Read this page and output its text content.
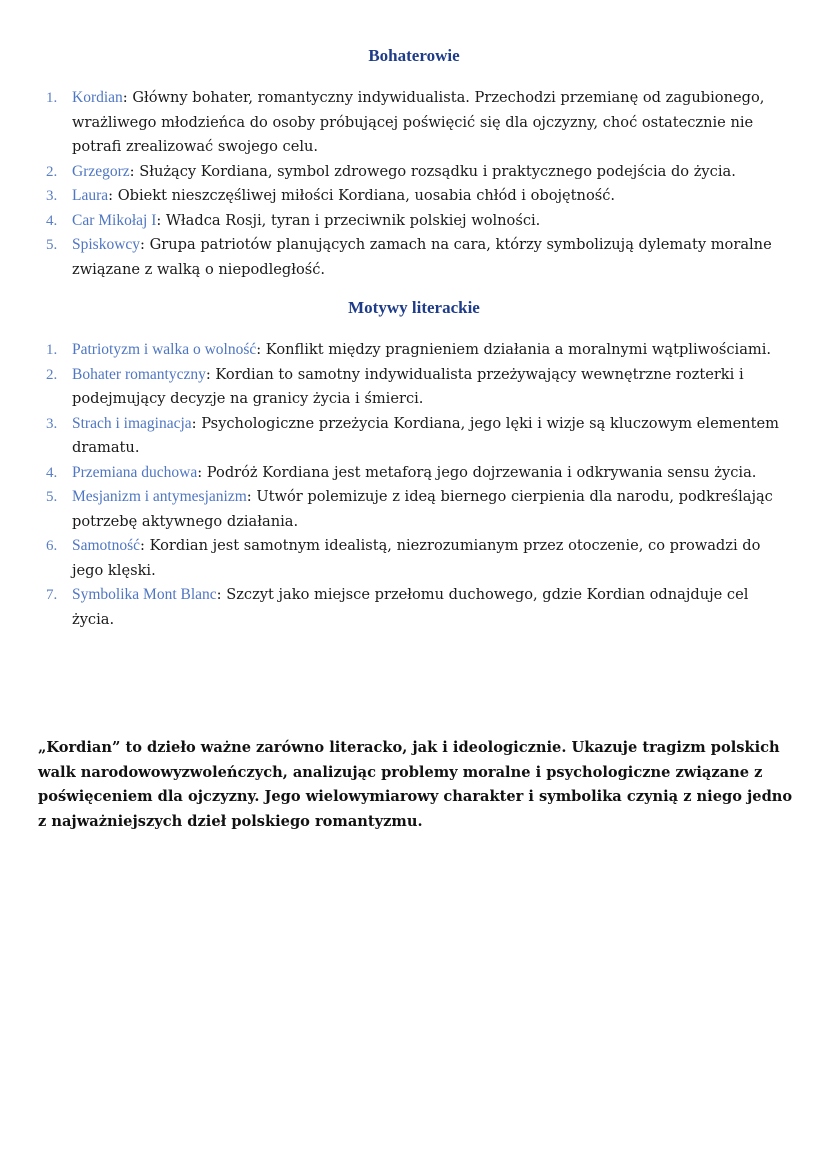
Bohaterowie
1. Kordian: Główny bohater, romantyczny indywidualista. Przechodzi przemianę od zagubionego, wrażliwego młodzieńca do osoby próbującej poświęcić się dla ojczyzny, choć ostatecznie nie potrafi zrealizować swojego celu.
2. Grzegorz: Służący Kordiana, symbol zdrowego rozsądku i praktycznego podejścia do życia.
3. Laura: Obiekt nieszczęśliwej miłości Kordiana, uosabia chłód i obojętność.
4. Car Mikołaj I: Władca Rosji, tyran i przeciwnik polskiej wolności.
5. Spiskowcy: Grupa patriotów planujących zamach na cara, którzy symbolizują dylematy moralne związane z walką o niepodległość.
Motywy literackie
1. Patriotyzm i walka o wolność: Konflikt między pragnieniem działania a moralnymi wątpliwościami.
2. Bohater romantyczny: Kordian to samotny indywidualista przeżywający wewnętrzne rozterki i podejmujący decyzje na granicy życia i śmierci.
3. Strach i imaginacja: Psychologiczne przeżycia Kordiana, jego lęki i wizje są kluczowym elementem dramatu.
4. Przemiana duchowa: Podróż Kordiana jest metaforą jego dojrzewania i odkrywania sensu życia.
5. Mesjanizm i antymesjanizm: Utwór polemizuje z ideą biernego cierpienia dla narodu, podkreślając potrzebę aktywnego działania.
6. Samotność: Kordian jest samotnym idealistą, niezrozumianym przez otoczenie, co prowadzi do jego klęski.
7. Symbolika Mont Blanc: Szczyt jako miejsce przełomu duchowego, gdzie Kordian odnajduje cel życia.

„Kordian” to dzieło ważne zarówno literacko, jak i ideologicznie. Ukazuje tragizm polskich walk narodowowyzwoleńczych, analizując problemy moralne i psychologiczne związane z poświęceniem dla ojczyzny. Jego wielowymiarowy charakter i symbolika czynią z niego jedno z najważniejszych dzieł polskiego romantyzmu.
